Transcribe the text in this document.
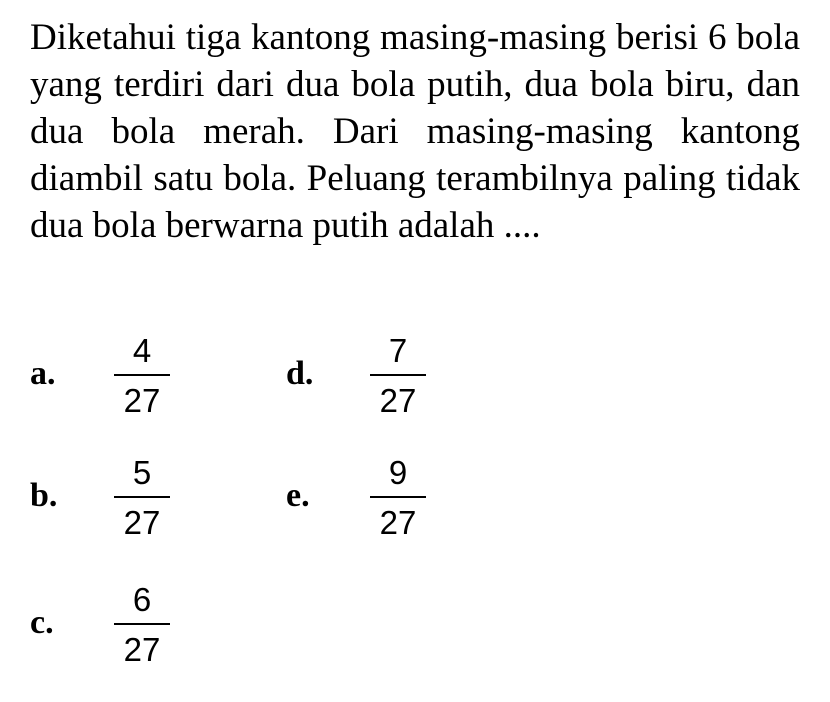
Diketahui tiga kantong masing-masing berisi 6 bola yang terdiri dari dua bola putih, dua bola biru, dan dua bola merah. Dari masing-masing kantong diambil satu bola. Peluang terambilnya paling tidak dua bola berwarna putih adalah ....

a.
4
27
b.
5
27
c.
6
27
d.
7
27
e.
9
27
